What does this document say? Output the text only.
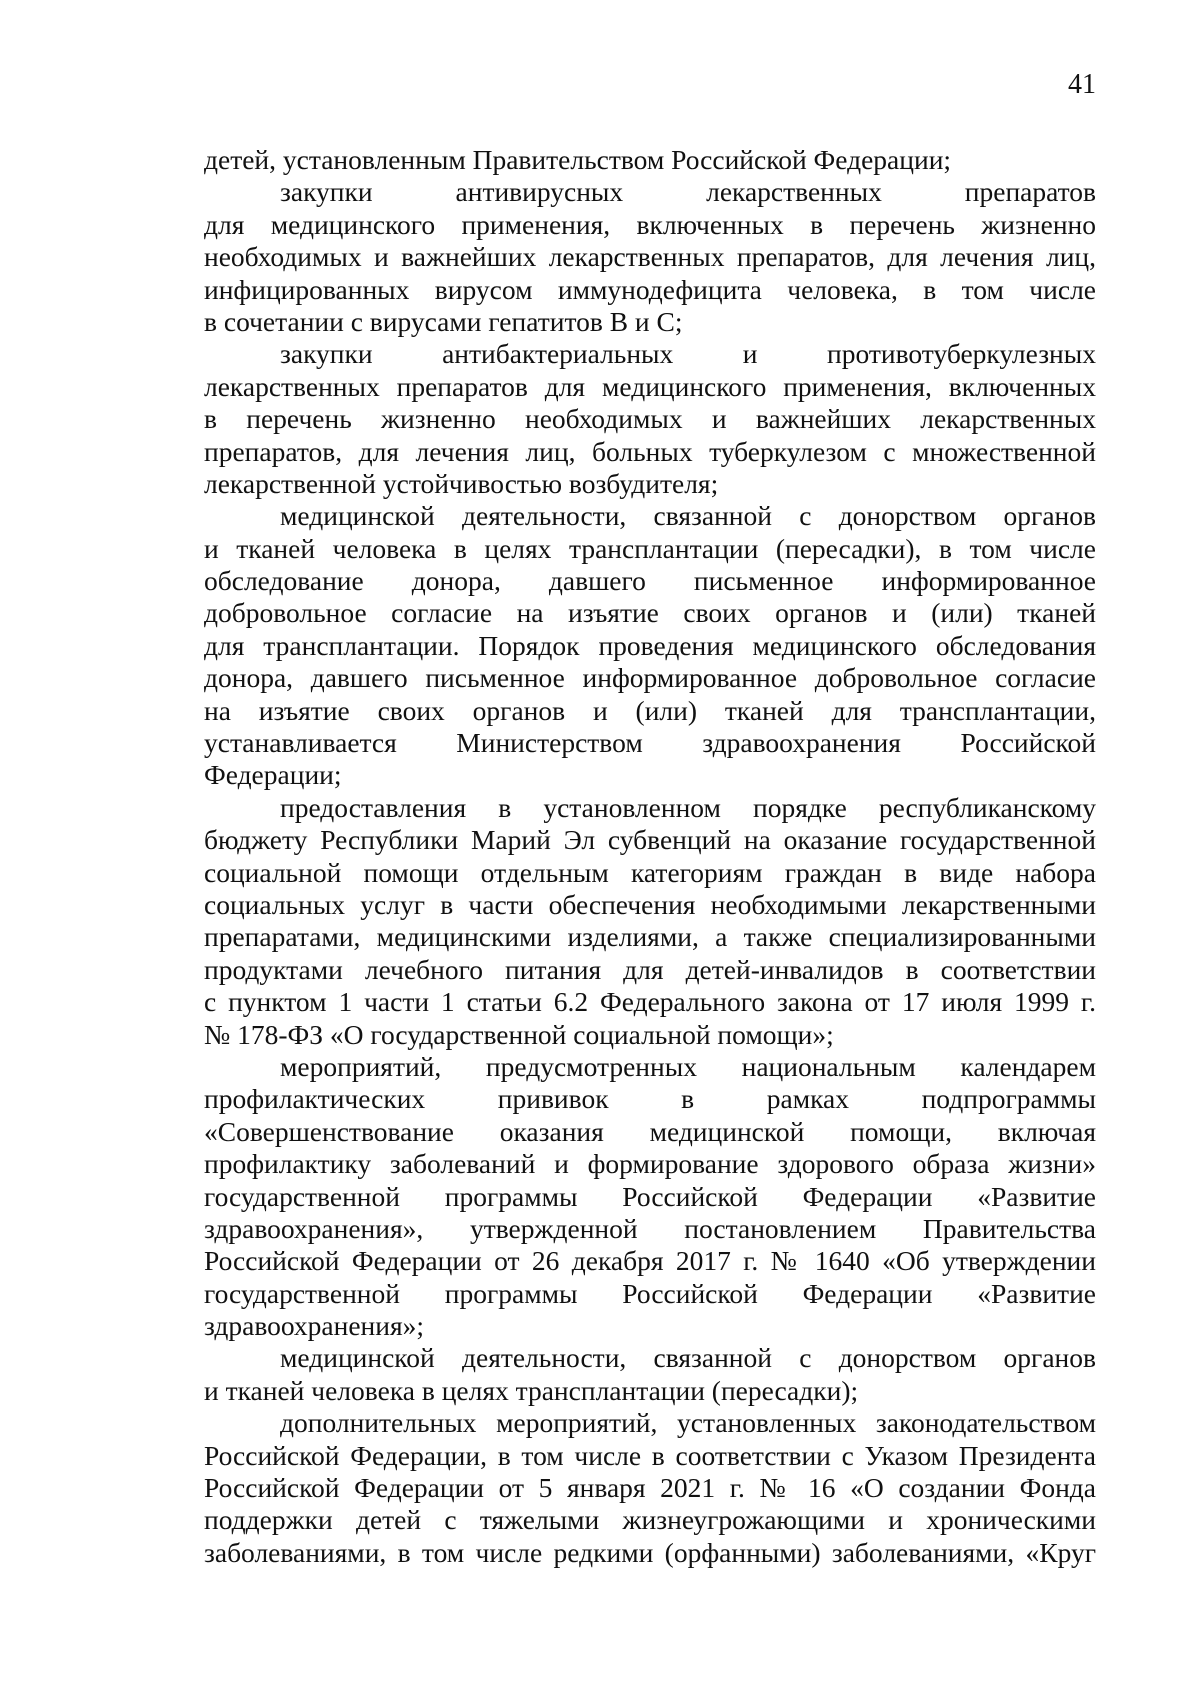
41
детей, установленным Правительством Российской Федерации;
закупки антивирусных лекарственных препаратов
для медицинского применения, включенных в перечень жизненно
необходимых и важнейших лекарственных препаратов, для лечения лиц,
инфицированных вирусом иммунодефицита человека, в том числе
в сочетании с вирусами гепатитов В и С;
закупки антибактериальных и противотуберкулезных
лекарственных препаратов для медицинского применения, включенных
в перечень жизненно необходимых и важнейших лекарственных
препаратов, для лечения лиц, больных туберкулезом с множественной
лекарственной устойчивостью возбудителя;
медицинской деятельности, связанной с донорством органов
и тканей человека в целях трансплантации (пересадки), в том числе
обследование донора, давшего письменное информированное
добровольное согласие на изъятие своих органов и (или) тканей
для трансплантации. Порядок проведения медицинского обследования
донора, давшего письменное информированное добровольное согласие
на изъятие своих органов и (или) тканей для трансплантации,
устанавливается Министерством здравоохранения Российской
Федерации;
предоставления в установленном порядке республиканскому
бюджету Республики Марий Эл субвенций на оказание государственной
социальной помощи отдельным категориям граждан в виде набора
социальных услуг в части обеспечения необходимыми лекарственными
препаратами, медицинскими изделиями, а также специализированными
продуктами лечебного питания для детей-инвалидов в соответствии
с пунктом 1 части 1 статьи 6.2 Федерального закона от 17 июля 1999 г.
№ 178-ФЗ «О государственной социальной помощи»;
мероприятий, предусмотренных национальным календарем
профилактических прививок в рамках подпрограммы
«Совершенствование оказания медицинской помощи, включая
профилактику заболеваний и формирование здорового образа жизни»
государственной программы Российской Федерации «Развитие
здравоохранения», утвержденной постановлением Правительства
Российской Федерации от 26 декабря 2017 г. № 1640 «Об утверждении
государственной программы Российской Федерации «Развитие
здравоохранения»;
медицинской деятельности, связанной с донорством органов
и тканей человека в целях трансплантации (пересадки);
дополнительных мероприятий, установленных законодательством
Российской Федерации, в том числе в соответствии с Указом Президента
Российской Федерации от 5 января 2021 г. № 16 «О создании Фонда
поддержки детей с тяжелыми жизнеугрожающими и хроническими
заболеваниями, в том числе редкими (орфанными) заболеваниями, «Круг
